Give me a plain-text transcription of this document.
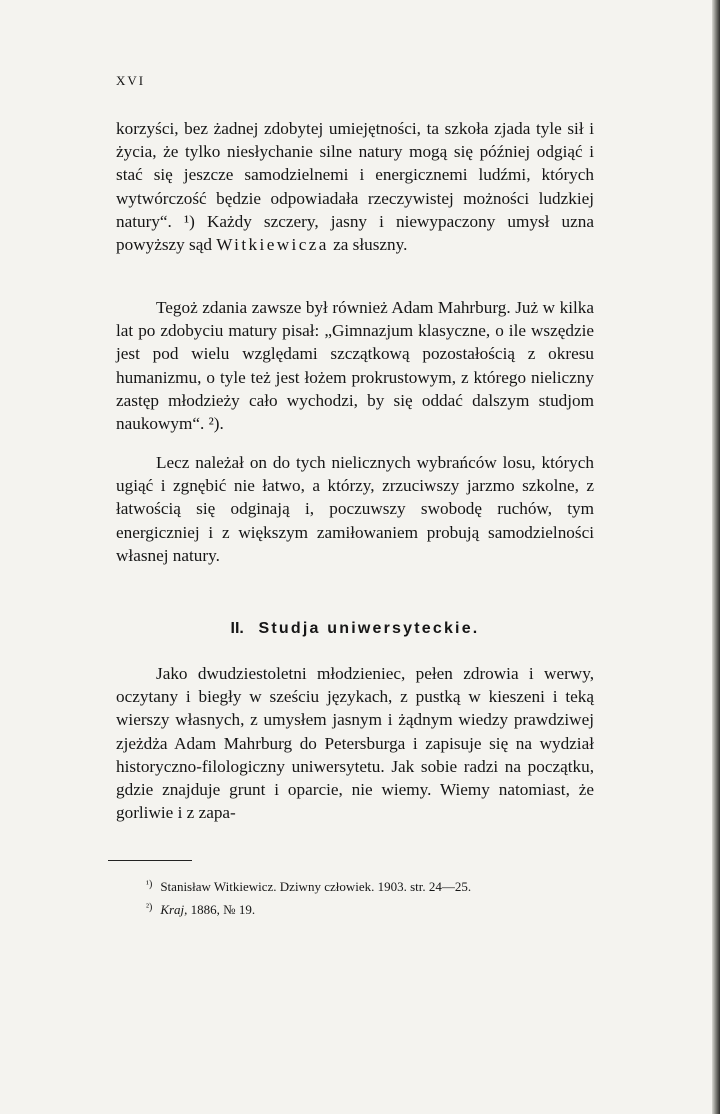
XVI

korzyści, bez żadnej zdobytej umiejętności, ta szkoła zjada tyle sił i życia, że tylko niesłychanie silne natury mogą się później odgiąć i stać się jeszcze samodzielnemi i energicznemi ludźmi, których wytwórczość będzie odpowiadała rzeczywistej możności ludzkiej natury“. ¹) Każdy szczery, jasny i niewypaczony umysł uzna powyższy sąd Witkiewicza za słuszny.

Tegoż zdania zawsze był również Adam Mahrburg. Już w kilka lat po zdobyciu matury pisał: „Gimnazjum klasyczne, o ile wszędzie jest pod wielu względami szczątkową pozostałością z okresu humanizmu, o tyle też jest łożem prokrustowym, z którego nieliczny zastęp młodzieży cało wychodzi, by się oddać dalszym studjom naukowym“. ²).

Lecz należał on do tych nielicznych wybrańców losu, których ugiąć i zgnębić nie łatwo, a którzy, zrzuciwszy jarzmo szkolne, z łatwością się odginają i, poczuwszy swobodę ruchów, tym energiczniej i z większym zamiłowaniem probują samodzielności własnej natury.

II. Studja uniwersyteckie.

Jako dwudziestoletni młodzieniec, pełen zdrowia i werwy, oczytany i biegły w sześciu językach, z pustką w kieszeni i teką wierszy własnych, z umysłem jasnym i żądnym wiedzy prawdziwej zjeżdża Adam Mahrburg do Petersburga i zapisuje się na wydział historyczno-filologiczny uniwersytetu. Jak sobie radzi na początku, gdzie znajduje grunt i oparcie, nie wiemy. Wiemy natomiast, że gorliwie i z zapa-

$^{^1)}$ Stanisław Witkiewicz. Dziwny człowiek. 1903. str. 24—25.
$^{^2)}$ Kraj, 1886, № 19.
